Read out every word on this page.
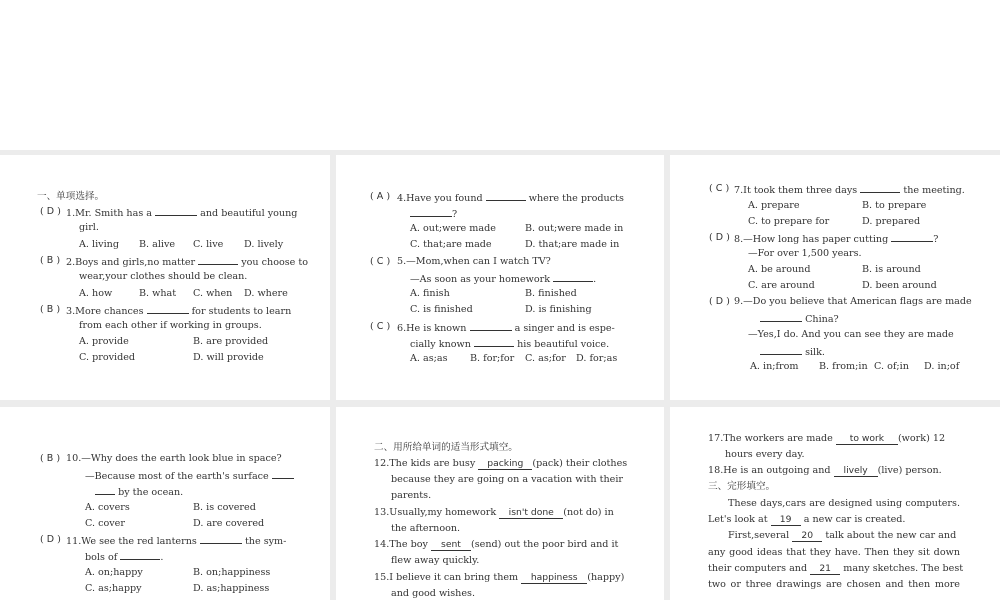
一、单项选择。
( D ) 1.Mr. Smith has a	and beautiful young
girl.
A. living B. alive C. live D. lively
( B ) 2.Boys and girls,no matter	you choose to
wear,your clothes should be clean.
A. how	B. what C. when D. where
( B ) 3.More chances	for students to learn
from each other if working in groups.
A. provide	B. are provided
C. provided	D. will provide
( A ) 4.Have you found	where the products
?
A. out;were made	B. out;were made in
C. that;are made	D. that;are made in
( C ) 5.—Mom,when can I watch TV?
—As soon as your homework	.
A. finish	B. finished
C. is finished	D. is finishing
( C ) 6.He is known	a singer and is espe-
cially known	his beautiful voice.
A. as;as B. for;for C. as;for D. for;as
( C ) 7.It took them three days	the meeting.
A. prepare	B. to prepare
C. to prepare for	D. prepared
( D ) 8.—How long has paper cutting	?
—For over 1,500 years.
A. be around	B. is around
C. are around	D. been around
( D ) 9.—Do you believe that American flags are made
China?
—Yes,I do. And you can see they are made
silk.
A. in;from B. from;in C. of;in D. in;of
( B ) 10.—Why does the earth look blue in space?
—Because most of the earth's surface
by the ocean.
A. covers	B. is covered
C. cover	D. are covered
( D ) 11.We see the red lanterns	the sym-
bols of	.
A. on;happy	B. on;happiness
C. as;happy	D. as;happiness
二、用所给单词的适当形式填空。
12.The kids are busy packing (pack) their clothes
because they are going on a vacation with their
parents.
13.Usually,my homework isn't done (not do) in
the afternoon.
14.The boy sent (send) out the poor bird and it
flew away quickly.
15.I believe it can bring them happiness (happy)
and good wishes.
17.The workers are made to work (work) 12
hours every day.
18.He is an outgoing and lively (live) person.
三、完形填空。
These days,cars are designed using computers.
Let's look at 19 a new car is created.
First,several 20 talk about the new car and
any good ideas that they have. Then they sit down
their computers and 21 many sketches. The best
two or three drawings are chosen and then more
